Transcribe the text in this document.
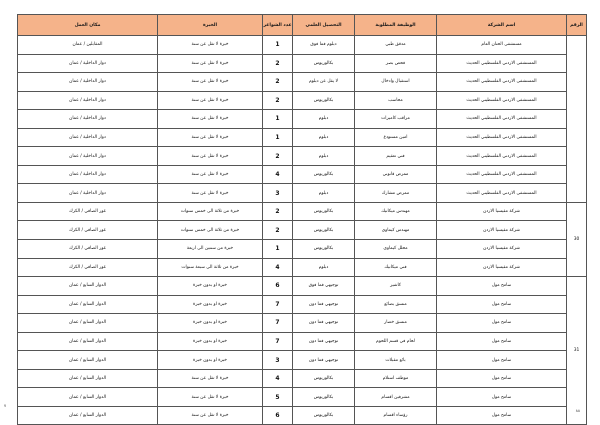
الرقم	اسم الشركة	الوظيفة المطلوبة	التحصيل العلمي	عدد الشواغر	الخبرة	مكان العمل
	مستشفى الحنان العام	مدقق طبي	دبلوم فما فوق	1	خبرة لا تقل عن سنة	المقابلين / عمان
	المستشفى الاردني الفلسطيني الحديث	فحص بصر	بكالوريوس	2	خبرة لا تقل عن سنة	دوار الداخلية / عمان
	المستشفى الاردني الفلسطيني الحديث	استقبال وادخال	لا يقل عن دبلوم	2	خبرة لا تقل عن سنة	دوار الداخلية / عمان
	المستشفى الاردني الفلسطيني الحديث	محاسب	بكالوريوس	2	خبرة لا تقل عن سنة	دوار الداخلية / عمان
	المستشفى الاردني الفلسطيني الحديث	مراقب كاميرات	دبلوم	1	خبرة لا تقل عن سنة	دوار الداخلية / عمان
	المستشفى الاردني الفلسطيني الحديث	امين مستودع	دبلوم	1	خبرة لا تقل عن سنة	دوار الداخلية / عمان
	المستشفى الاردني الفلسطيني الحديث	فني تعقيم	دبلوم	2	خبرة لا تقل عن سنة	دوار الداخلية / عمان
	المستشفى الاردني الفلسطيني الحديث	ممرض قانوني	بكالوريوس	4	خبرة لا تقل عن سنة	دوار الداخلية / عمان
	المستشفى الاردني الفلسطيني الحديث	ممرض مشارك	دبلوم	3	خبرة لا تقل عن سنة	دوار الداخلية / عمان
30	شركة مقيسيا الاردن	مهندس ميكانيك	بكالوريوس	2	خبرة من ثلاثة الى خمس سنوات	غور الصافي / الكرك
	شركة مقيسيا الاردن	مهندس كيماوي	بكالوريوس	2	خبرة من ثلاثة الى خمس سنوات	غور الصافي / الكرك
	شركة مقيسيا الاردن	محلل كيماوي	بكالوريوس	1	خبرة من سنتين الى اربعة	غور الصافي / الكرك
	شركة مقيسيا الاردن	فني ميكانيك	دبلوم	4	خبرة من ثلاثة الى سبعة سنوات	غور الصافي / الكرك
31	سامح مول	كاشير	توجيهي فما فوق	6	خبرة او بدون خبرة	الدوار السابع / عمان
	سامح مول	منسق بضائع	توجيهي فما دون	7	خبرة او بدون خبرة	الدوار السابع / عمان
	سامح مول	منسق خضار	توجيهي فما دون	7	خبرة او بدون خبرة	الدوار السابع / عمان
	سامح مول	لحام في قسم اللحوم	توجيهي فما دون	7	خبرة او بدون خبرة	الدوار السابع / عمان
	سامح مول	بائع مقبلات	توجيهي فما دون	3	خبرة او بدون خبرة	الدوار السابع / عمان
	سامح مول	موظف استلام	بكالوريوس	4	خبرة لا تقل عن سنة	الدوار السابع / عمان
	سامح مول	مشرفين اقسام	بكالوريوس	5	خبرة لا تقل عن سنة	الدوار السابع / عمان
	سامح مول	رؤساء اقسام	بكالوريوس	6	خبرة لا تقل عن سنة	الدوار السابع / عمان
٧
٨٨
